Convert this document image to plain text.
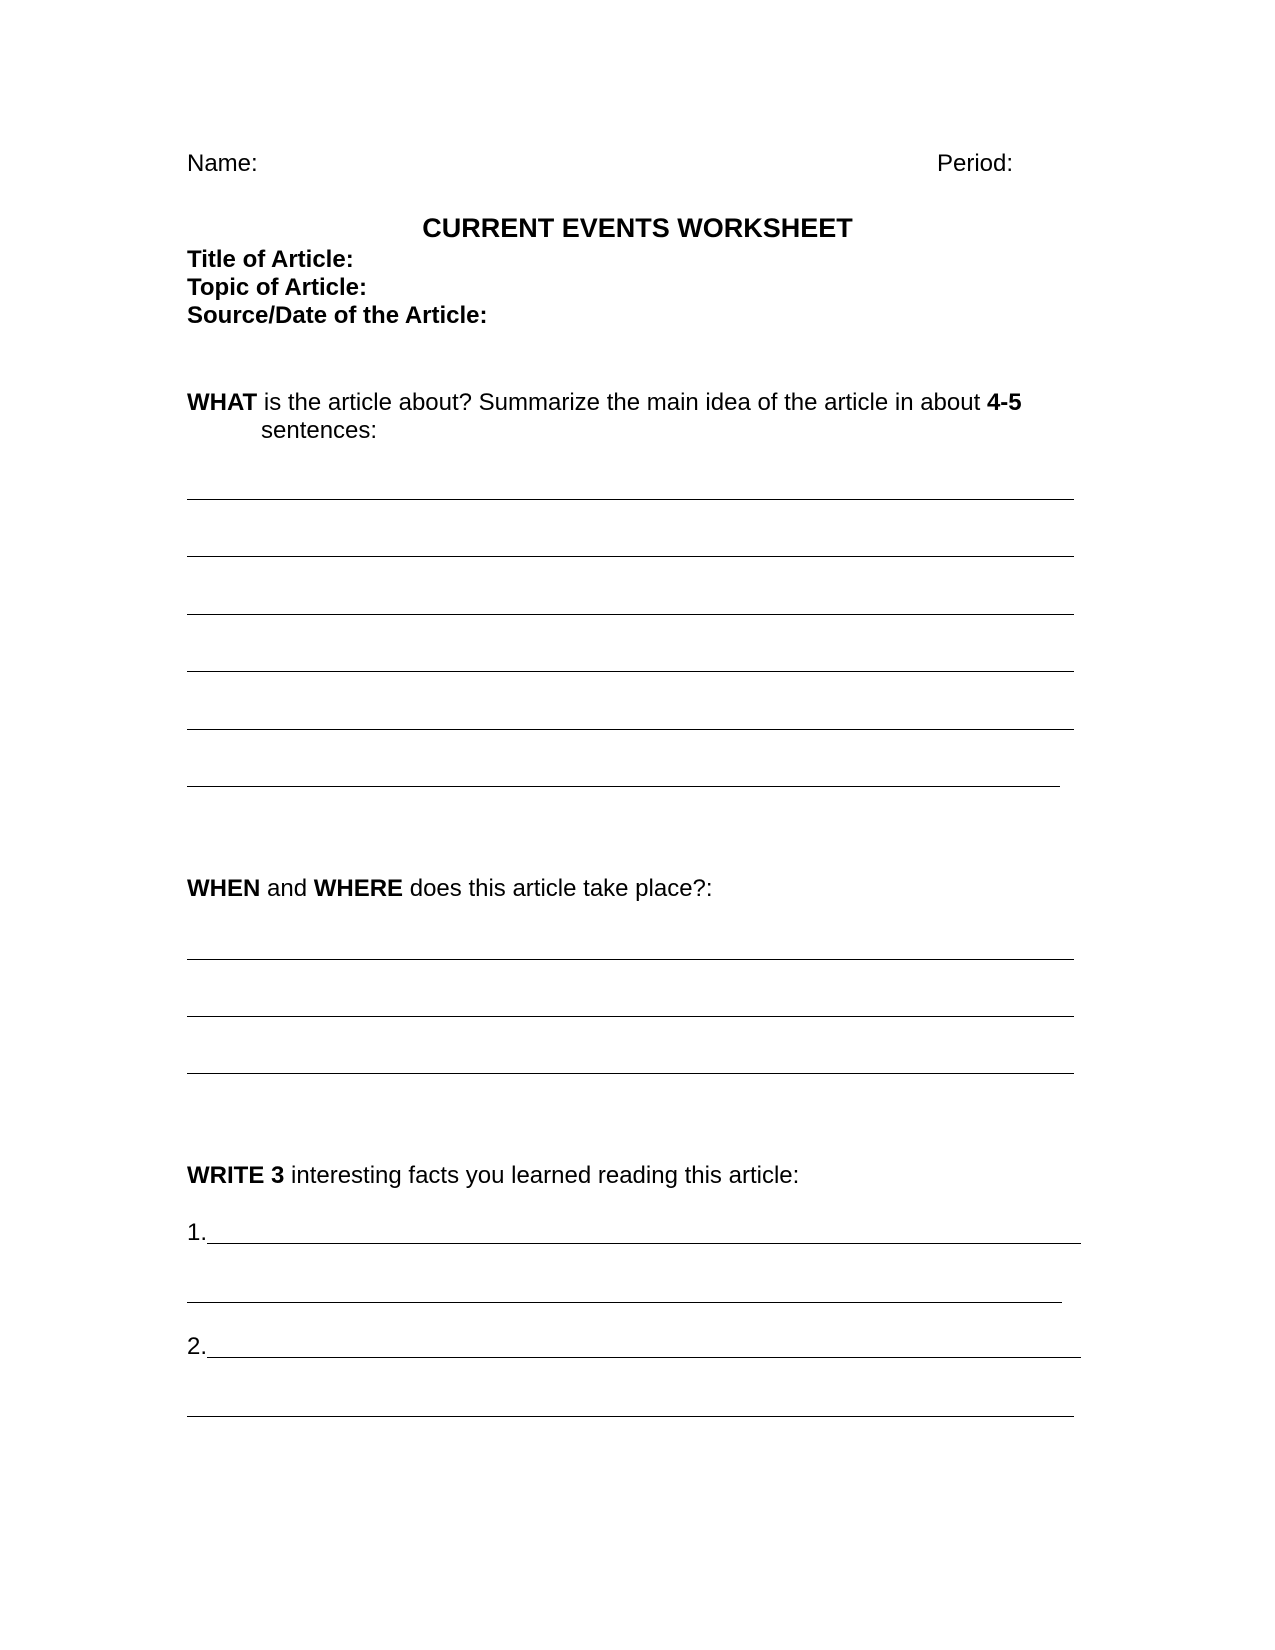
Name:	Period:
CURRENT EVENTS WORKSHEET
Title of Article:
Topic of Article:
Source/Date of the Article:
WHAT is the article about? Summarize the main idea of the article in about 4-5
sentences:
WHEN and WHERE does this article take place?:
WRITE 3 interesting facts you learned reading this article:
1.
2.
